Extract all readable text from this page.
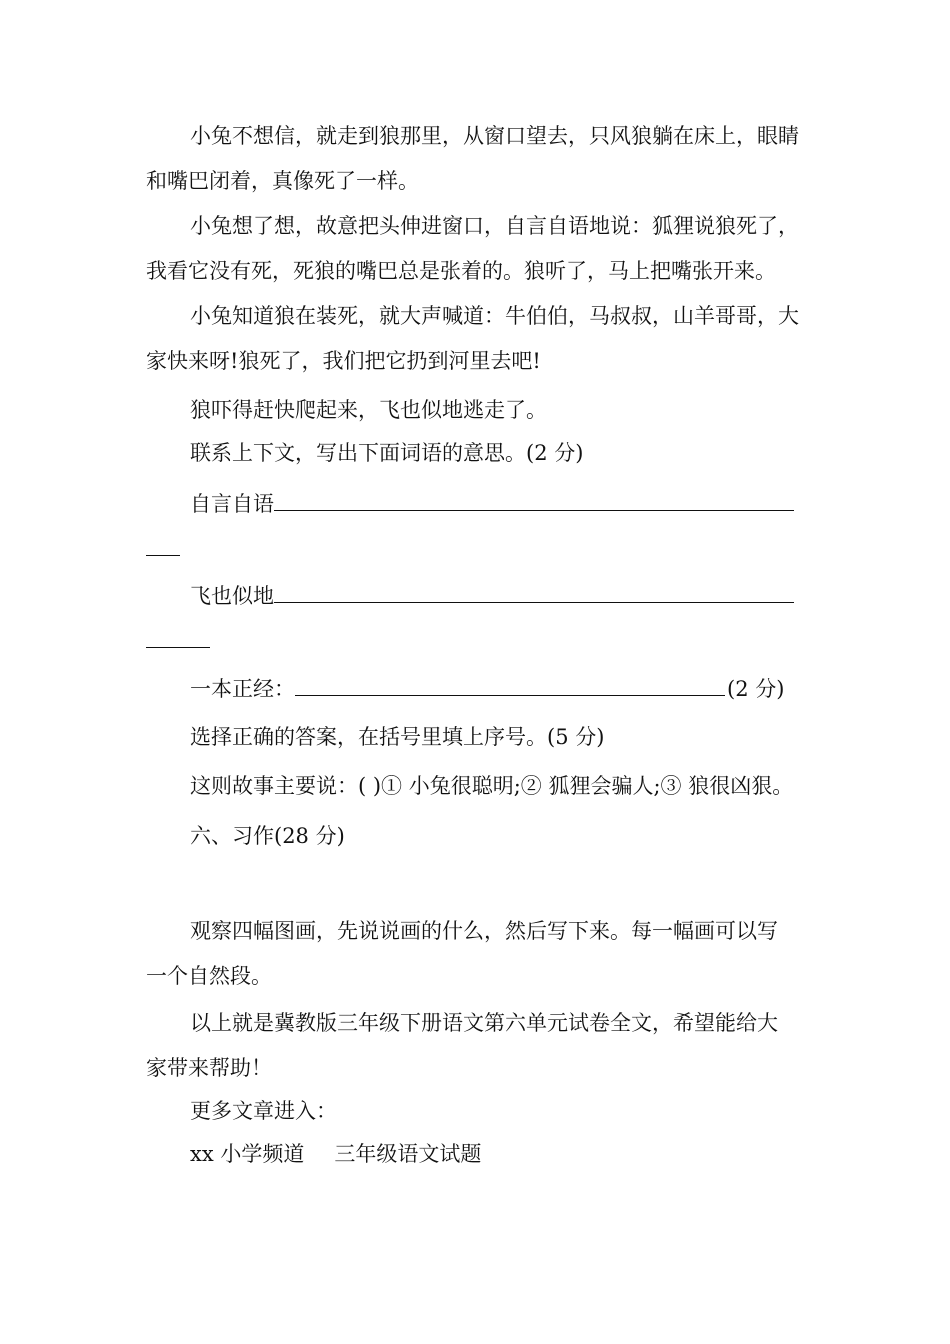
小兔不想信，就走到狼那里，从窗口望去，只风狼躺在床上，眼睛
和嘴巴闭着，真像死了一样。
小兔想了想，故意把头伸进窗口，自言自语地说：狐狸说狼死了，
我看它没有死，死狼的嘴巴总是张着的。狼听了，马上把嘴张开来。
小兔知道狼在装死，就大声喊道：牛伯伯，马叔叔，山羊哥哥，大
家快来呀!狼死了，我们把它扔到河里去吧!
狼吓得赶快爬起来，飞也似地逃走了。
联系上下文，写出下面词语的意思。(2 分)
自言自语
飞也似地
一本正经：	(2 分)
选择正确的答案，在括号里填上序号。(5 分)
这则故事主要说：( )① 小兔很聪明;② 狐狸会骗人;③ 狼很凶狠。
六、习作(28 分)
观察四幅图画，先说说画的什么，然后写下来。每一幅画可以写
一个自然段。
以上就是冀教版三年级下册语文第六单元试卷全文，希望能给大
家带来帮助！
更多文章进入：
xx 小学频道 三年级语文试题
